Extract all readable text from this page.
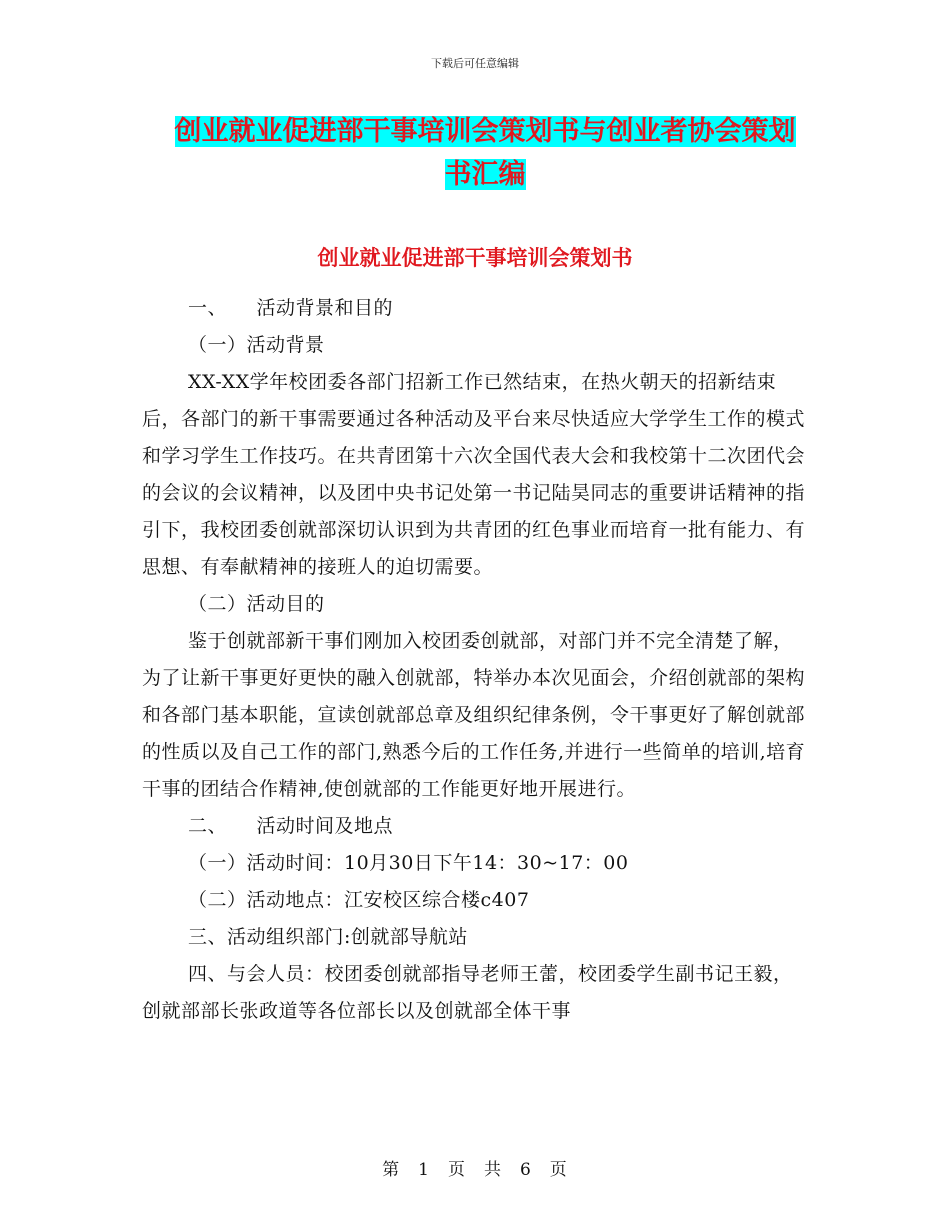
下载后可任意编辑
创业就业促进部干事培训会策划书与创业者协会策划
书汇编
创业就业促进部干事培训会策划书

一、　　活动背景和目的

（一）活动背景

XX-XX学年校团委各部门招新工作已然结束，在热火朝天的招新结束后，各部门的新干事需要通过各种活动及平台来尽快适应大学学生工作的模式和学习学生工作技巧。在共青团第十六次全国代表大会和我校第十二次团代会的会议的会议精神，以及团中央书记处第一书记陆昊同志的重要讲话精神的指引下，我校团委创就部深切认识到为共青团的红色事业而培育一批有能力、有思想、有奉献精神的接班人的迫切需要。

（二）活动目的

鉴于创就部新干事们刚加入校团委创就部，对部门并不完全清楚了解，为了让新干事更好更快的融入创就部，特举办本次见面会，介绍创就部的架构和各部门基本职能，宣读创就部总章及组织纪律条例，令干事更好了解创就部的性质以及自己工作的部门,熟悉今后的工作任务,并进行一些简单的培训,培育干事的团结合作精神,使创就部的工作能更好地开展进行。

二、　　活动时间及地点

（一）活动时间：10月30日下午14：30~17：00

（二）活动地点：江安校区综合楼c407

三、活动组织部门:创就部导航站

四、与会人员：校团委创就部指导老师王蕾，校团委学生副书记王毅，创就部部长张政道等各位部长以及创就部全体干事

第　1　页　共　6　页
